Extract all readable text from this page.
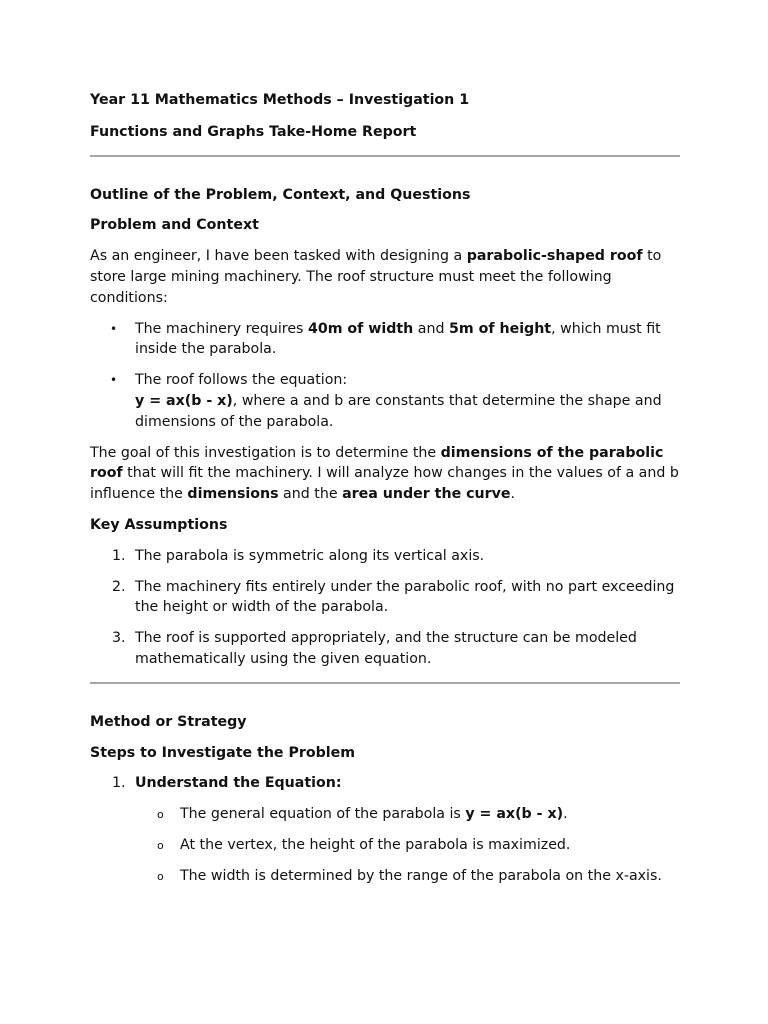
Year 11 Mathematics Methods – Investigation 1

Functions and Graphs Take-Home Report

Outline of the Problem, Context, and Questions

Problem and Context

As an engineer, I have been tasked with designing a parabolic-shaped roof to store large mining machinery. The roof structure must meet the following conditions:

• The machinery requires 40m of width and 5m of height, which must fit inside the parabola.
• The roof follows the equation:
y = ax(b - x), where a and b are constants that determine the shape and dimensions of the parabola.

The goal of this investigation is to determine the dimensions of the parabolic roof that will fit the machinery. I will analyze how changes in the values of a and b influence the dimensions and the area under the curve.

Key Assumptions

1. The parabola is symmetric along its vertical axis.
2. The machinery fits entirely under the parabolic roof, with no part exceeding the height or width of the parabola.
3. The roof is supported appropriately, and the structure can be modeled mathematically using the given equation.

Method or Strategy

Steps to Investigate the Problem

1. Understand the Equation:
o The general equation of the parabola is y = ax(b - x).
o At the vertex, the height of the parabola is maximized.
o The width is determined by the range of the parabola on the x-axis.
